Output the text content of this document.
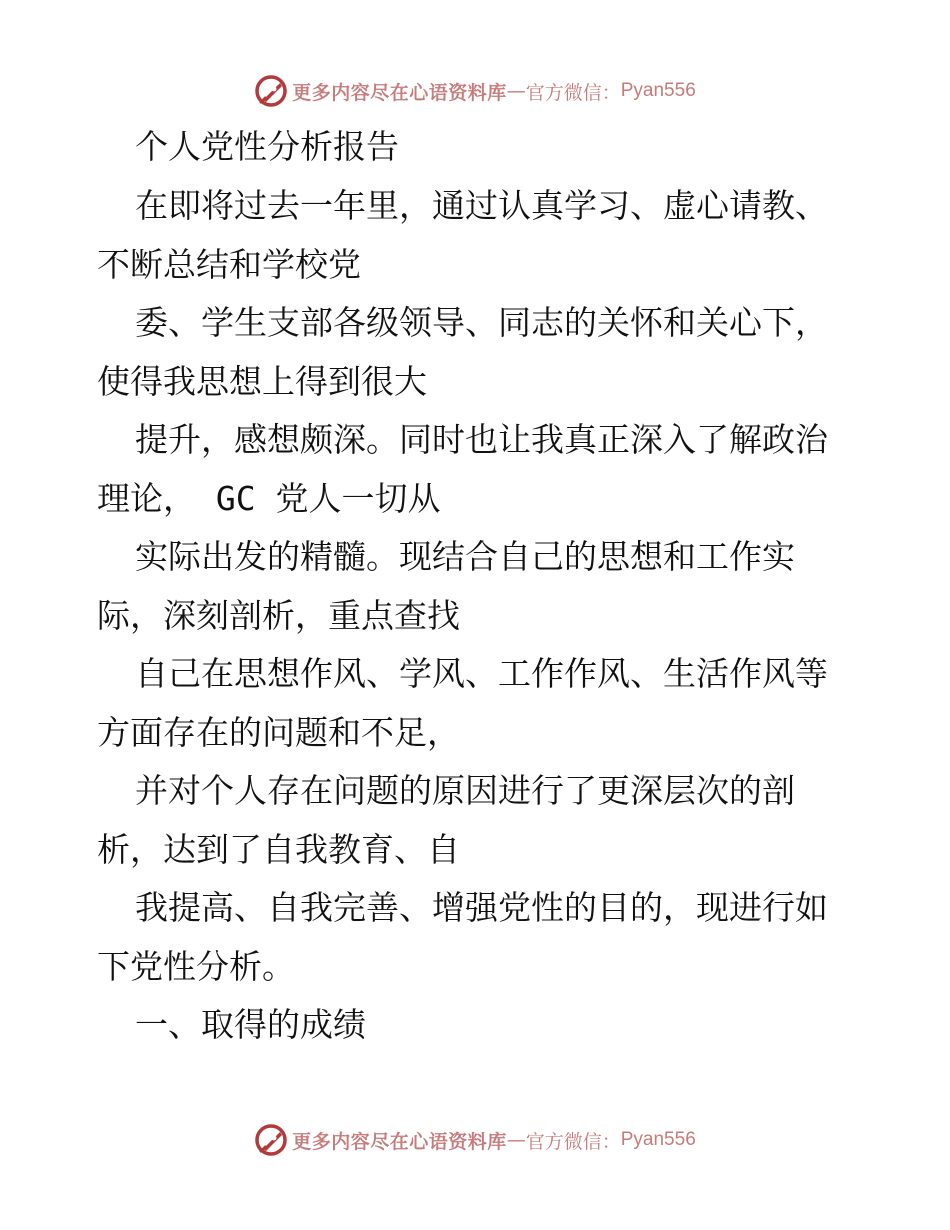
更多内容尽在心语资料库 — 官方微信： Pyan556
个人党性分析报告
在即将过去一年里，通过认真学习、虚心请教、
不断总结和学校党
委、学生支部各级领导、同志的关怀和关心下，
使得我思想上得到很大
提升，感想颇深。同时也让我真正深入了解政治
理论， GC 党人一切从
实际出发的精髓。现结合自己的思想和工作实
际，深刻剖析，重点查找
自己在思想作风、学风、工作作风、生活作风等
方面存在的问题和不足，
并对个人存在问题的原因进行了更深层次的剖
析，达到了自我教育、自
我提高、自我完善、增强党性的目的，现进行如
下党性分析。
一、取得的成绩
更多内容尽在心语资料库 — 官方微信： Pyan556
